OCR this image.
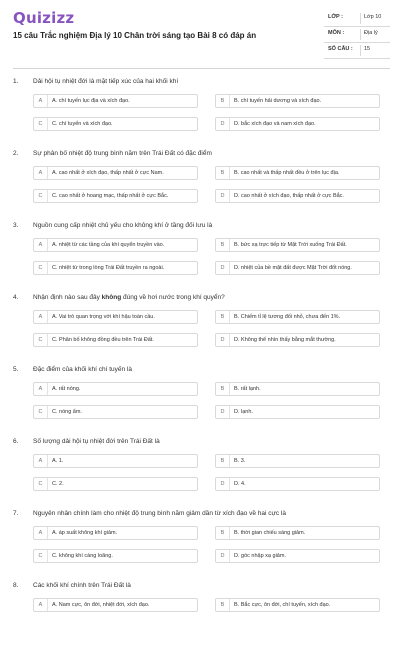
Quizizz
15 câu Trắc nghiệm Địa lý 10 Chân trời sáng tạo Bài 8 có đáp án
LỚP :	Lớp 10
MÔN :	Địa lý
SỐ CÂU : 15
1. Dải hội tụ nhiệt đới là mặt tiếp xúc của hai khối khí
A	A. chí tuyến lục địa và xích đạo.	B	B. chí tuyến hải dương và xích đạo.
C	C. chí tuyến và xích đạo.	D	D. bắc xích đạo và nam xích đạo.
2. Sự phân bố nhiệt độ trung bình năm trên Trái Đất có đặc điểm
A	A. cao nhất ở xích đạo, thấp nhất ở cực Nam.	B	B. cao nhất và thấp nhất đều ở trên lục địa.
C	C. cao nhất ở hoang mạc, thấp nhất ở cực Bắc.	D	D. cao nhất ở xích đạo, thấp nhất ở cực Bắc.
3. Nguồn cung cấp nhiệt chủ yếu cho không khí ở tầng đối lưu là
A	A. nhiệt từ các tầng của khí quyển truyền vào.	B	B. bức xạ trực tiếp từ Mặt Trời xuống Trái Đất.
C	C. nhiệt từ trong lòng Trái Đất truyền ra ngoài.	D	D. nhiệt của bề mặt đất được Mặt Trời đốt nóng.
4. Nhận định nào sau đây không đúng về hơi nước trong khí quyển?
A	A. Vai trò quan trọng với khí hậu toàn cầu.	B	B. Chiếm tỉ lệ tương đối nhỏ, chưa đến 1%.
C	C. Phân bố không đồng đều trên Trái Đất.	D	D. Không thể nhìn thấy bằng mắt thường.
5. Đặc điểm của khối khí chí tuyến là
A	A. rất nóng.	B	B. rất lạnh.
C	C. nóng ẩm.	D	D. lạnh.
6. Số lượng dải hội tụ nhiệt đới trên Trái Đất là
A	A. 1.	B	B. 3.
C	C. 2.	D	D. 4.
7. Nguyên nhân chính làm cho nhiệt độ trung bình năm giảm dần từ xích đạo về hai cực là
A	A. áp suất không khí giảm.	B	B. thời gian chiếu sáng giảm.
C	C. không khí càng loãng.	D	D. góc nhập xạ giảm.
8. Các khối khí chính trên Trái Đất là
A	A. Nam cực, ôn đới, nhiệt đới, xích đạo.	B	B. Bắc cực, ôn đới, chí tuyến, xích đạo.
